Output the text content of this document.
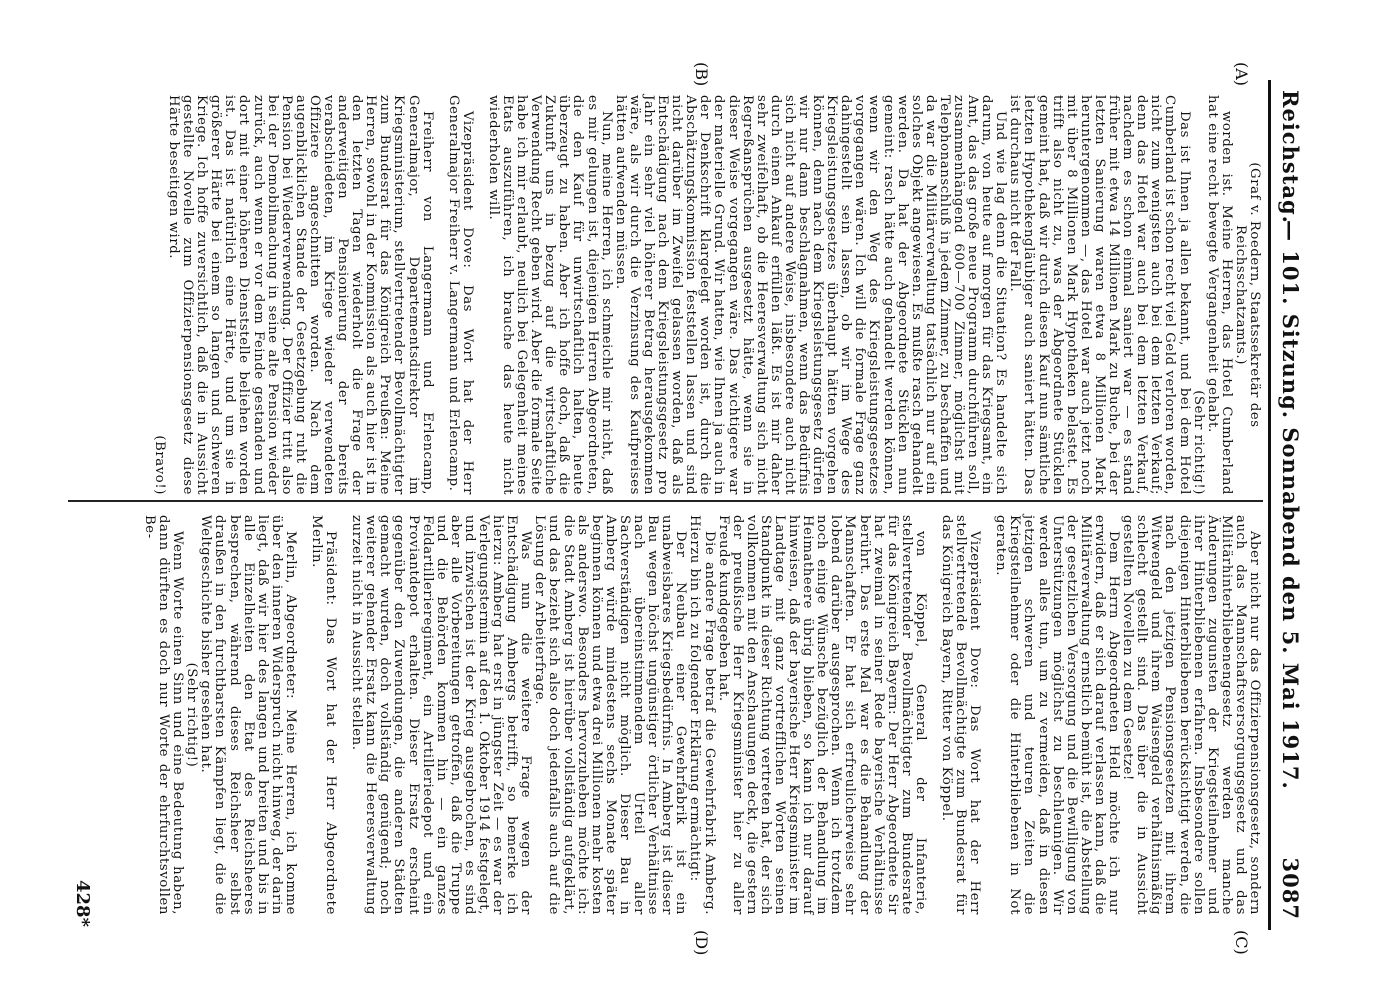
Reichstag.
— 101. Sitzung. Sonnabend den 5. Mai 1917.
3087
(A)
(B)
(C)
(D)

(Graf v. Roedern, Staatssekretär des Reichsschatzamts.)

worden ist. Meine Herren, das Hotel Cumberland hat eine recht bewegte Vergangenheit gehabt.

(Sehr richtig!)

Das ist Ihnen ja allen bekannt, und bei dem Hotel Cumberland ist schon recht viel Geld verloren worden, nicht zum wenigsten auch bei dem letzten Verkauf; denn das Hotel war auch bei dem letzten Verkauf, nachdem es schon einmal saniert war — es stand früher mit etwa 14 Millionen Mark zu Buche, bei der letzten Sanierung waren etwa 8 Millionen Mark heruntergenommen —, das Hotel war auch jetzt noch mit über 8 Millionen Mark Hypotheken belastet. Es trifft also nicht zu, was der Abgeordnete Stücklen gemeint hat, daß wir durch diesen Kauf nun sämtliche letzten Hypothekengläubiger auch saniert hätten. Das ist durchaus nicht der Fall.

Und wie lag denn die Situation? Es handelte sich darum, von heute auf morgen für das Kriegsamt, ein Amt, das das große neue Programm durchführen soll, zusammenhängend 600—700 Zimmer, möglichst mit Telephonanschluß in jedem Zimmer, zu beschaffen und da war die Militärverwaltung tatsächlich nur auf ein solches Objekt angewiesen. Es mußte rasch gehandelt werden. Da hat der Abgeordnete Stücklen nun gemeint: rasch hätte auch gehandelt werden können, wenn wir den Weg des Kriegsleistungsgesetzes vorgegangen wären. Ich will die formale Frage ganz dahingestellt sein lassen, ob wir im Wege des Kriegsleistungsgesetzes überhaupt hätten vorgehen können, denn nach dem Kriegsleistungsgesetz dürfen wir nur dann beschlagnahmen, wenn das Bedürfnis sich nicht auf andere Weise, insbesondere auch nicht durch einen Ankauf erfüllen läßt. Es ist mir daher sehr zweifelhaft, ob die Heeresverwaltung sich nicht Regreßansprüchen ausgesetzt hätte, wenn sie in dieser Weise vorgegangen wäre. Das wichtigere war der materielle Grund. Wir hatten, wie Ihnen ja auch in der Denkschrift klargelegt worden ist, durch die Abschätzungskommission feststellen lassen und sind nicht darüber im Zweifel gelassen worden, daß als Entschädigung nach dem Kriegsleistungsgesetz pro Jahr ein sehr viel höherer Betrag herausgekommen wäre, als wir durch die Verzinsung des Kaufpreises hätten aufwenden müssen.

Nun, meine Herren, ich schmeichle mir nicht, daß es mir gelungen ist, diejenigen Herren Abgeordneten, die den Kauf für unwirtschaftlich halten, heute überzeugt zu haben. Aber ich hoffe doch, daß die Zukunft uns in bezug auf die wirtschaftliche Verwendung Recht geben wird. Aber die formale Seite habe ich mir erlaubt, neulich bei Gelegenheit meines Etats auszuführen, ich brauche das heute nicht wiederholen will.

Vizepräsident Dove: Das Wort hat der Herr Generalmajor Freiherr v. Langermann und Erlencamp.

Freiherr von Langermann und Erlencamp, Generalmajor, Departementsdirektor im Kriegsministerium, stellvertretender Bevollmächtigter zum Bundesrat für das Königreich Preußen: Meine Herren, sowohl in der Kommission als auch hier ist in den letzten Tagen wiederholt die Frage der anderweitigen Pensionierung der bereits verabschiedeten, im Kriege wieder verwendeten Offiziere angeschnitten worden. Nach dem augenblicklichen Stande der Gesetzgebung ruht die Pension bei Wiederverwendung. Der Offizier tritt also bei der Demobilmachung in seine alte Pension wieder zurück, auch wenn er vor dem Feinde gestanden und dort mit einer höheren Dienststelle beliehen worden ist. Das ist natürlich eine Härte, und um sie in größerer Härte bei einem so langen und schweren Kriege. Ich hoffe zuversichtlich, daß die in Aussicht gestellte Novelle zum Offizierpensionsgesetz diese Härte beseitigen wird.

(Bravo!)

Aber nicht nur das Offizierpensionsgesetz, sondern auch das Mannschaftsversorgungsgesetz und das Militärhinterbliebenengesetz werden manche Änderungen zugunsten der Kriegsteilnehmer und ihrer Hinterbliebenen erfahren. Insbesondere sollen diejenigen Hinterbliebenen berücksichtigt werden, die nach den jetzigen Pensionsgesetzen mit ihrem Witwengeld und ihrem Waisengeld verhältnismäßig schlecht gestellt sind. Das über die in Aussicht gestellten Novellen zu dem Gesetze!

Dem Herrn Abgeordneten Held möchte ich nur erwidern, daß er sich darauf verlassen kann, daß die Militärverwaltung ernstlich bemüht ist, die Abstellung der gesetzlichen Versorgung und die Bewilligung von Unterstützungen möglichst zu beschleunigen. Wir werden alles tun, um zu vermeiden, daß in diesen jetzigen schweren und teuren Zeiten die Kriegsteilnehmer oder die Hinterbliebenen in Not geraten.

Vizepräsident Dove: Das Wort hat der Herr stellvertretende Bevollmächtigte zum Bundesrat für das Königreich Bayern, Ritter von Köppel.

von Köppel, General der Infanterie, stellvertretender Bevollmächtigter zum Bundesrate für das Königreich Bayern: Der Herr Abgeordnete Sir hat zweimal in seiner Rede bayerische Verhältnisse berührt. Das erste Mal war es die Behandlung der Mannschaften. Er hat sich erfreulicherweise sehr lobend darüber ausgesprochen. Wenn ich trotzdem noch einige Wünsche bezüglich der Behandlung im Heimatheere übrig blieben, so kann ich nur darauf hinweisen, daß der bayerische Herr Kriegsminister im Landtage mit ganz vortrefflichen Worten seinen Standpunkt in dieser Richtung vertreten hat, der sich vollkommen mit den Anschauungen deckt, die gestern der preußische Herr Kriegsminister hier zu aller Freude kundgegeben hat.

Die andere Frage betraf die Gewehrfabrik Amberg. Hierzu bin ich zu folgender Erklärung ermächtigt:

Der Neubau einer Gewehrfabrik ist ein unabweisbares Kriegsbedürfnis. In Amberg ist dieser Bau wegen höchst ungünstiger örtlicher Verhältnisse nach übereinstimmendem Urteil aller Sachverständigen nicht möglich. Dieser Bau in Amberg würde mindestens sechs Monate später beginnen können und etwa drei Millionen mehr kosten als anderswo. Besonders hervorzuheben möchte ich: die Stadt Amberg ist hierüber vollständig aufgeklärt, und das bezieht sich also doch jedenfalls auch auf die Lösung der Arbeiterfrage.

Was nun die weitere Frage wegen der Entschädigung Ambergs betrifft, so bemerke ich hierzu: Amberg hat erst in jüngster Zeit — es war der Verlegungstermin auf den 1. Oktober 1914 festgelegt, und inzwischen ist der Krieg ausgebrochen, es sind aber alle Vorbereitungen getroffen, daß die Truppe und die Behörden kommen hin — ein ganzes Feldartillerieregiment, ein Artilleriedepot und ein Proviantdepot erhalten. Dieser Ersatz erscheint gegenüber den Zuwendungen, die anderen Städten gemacht wurden, doch vollständig genügend; noch weiterer gehender Ersatz kann die Heeresverwaltung zurzeit nicht in Aussicht stellen.

Präsident: Das Wort hat der Herr Abgeordnete Merlin.

Merlin, Abgeordneter: Meine Herren, ich komme über den inneren Widerspruch nicht hinweg, der darin liegt, daß wir hier des langen und breiten und bis in alle Einzelheiten den Etat des Reichsheeres besprechen, während dieses Reichsheer selbst draußen in den furchtbarsten Kämpfen liegt, die die Weltgeschichte bisher gesehen hat.

(Sehr richtig!)

Wenn Worte einen Sinn und eine Bedeutung haben, dann dürften es doch nur Worte der ehrfurchtsvollen Be-

428*
